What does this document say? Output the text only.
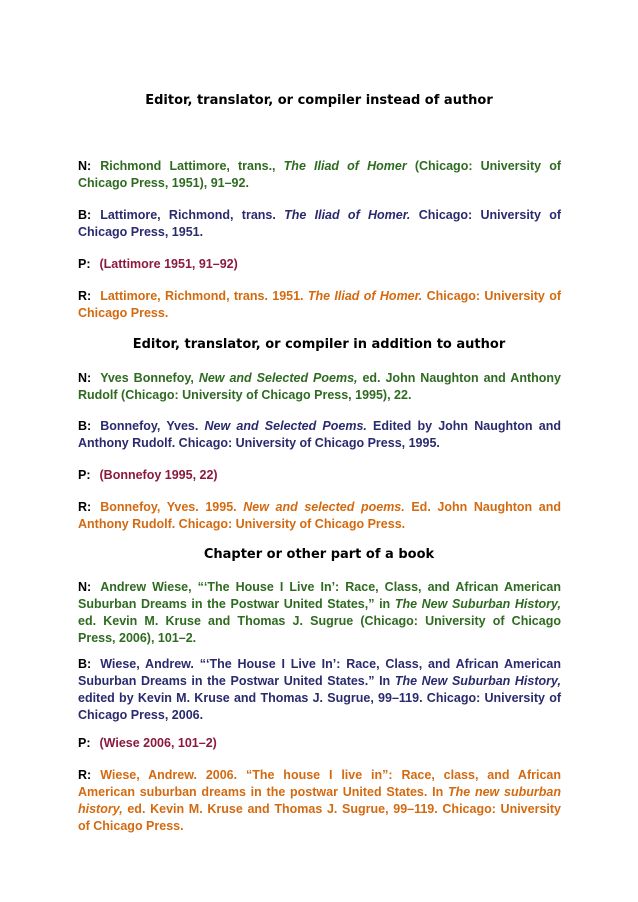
Editor, translator, or compiler instead of author
N: Richmond Lattimore, trans., The Iliad of Homer (Chicago: University of Chicago Press, 1951), 91–92.
B: Lattimore, Richmond, trans. The Iliad of Homer. Chicago: University of Chicago Press, 1951.
P: (Lattimore 1951, 91–92)
R: Lattimore, Richmond, trans. 1951. The Iliad of Homer. Chicago: University of Chicago Press.
Editor, translator, or compiler in addition to author
N: Yves Bonnefoy, New and Selected Poems, ed. John Naughton and Anthony Rudolf (Chicago: University of Chicago Press, 1995), 22.
B: Bonnefoy, Yves. New and Selected Poems. Edited by John Naughton and Anthony Rudolf. Chicago: University of Chicago Press, 1995.
P: (Bonnefoy 1995, 22)
R: Bonnefoy, Yves. 1995. New and selected poems. Ed. John Naughton and Anthony Rudolf. Chicago: University of Chicago Press.
Chapter or other part of a book
N: Andrew Wiese, “‘The House I Live In’: Race, Class, and African American Suburban Dreams in the Postwar United States,” in The New Suburban History, ed. Kevin M. Kruse and Thomas J. Sugrue (Chicago: University of Chicago Press, 2006), 101–2.
B: Wiese, Andrew. “‘The House I Live In’: Race, Class, and African American Suburban Dreams in the Postwar United States.” In The New Suburban History, edited by Kevin M. Kruse and Thomas J. Sugrue, 99–119. Chicago: University of Chicago Press, 2006.
P: (Wiese 2006, 101–2)
R: Wiese, Andrew. 2006. “The house I live in”: Race, class, and African American suburban dreams in the postwar United States. In The new suburban history, ed. Kevin M. Kruse and Thomas J. Sugrue, 99–119. Chicago: University of Chicago Press.
